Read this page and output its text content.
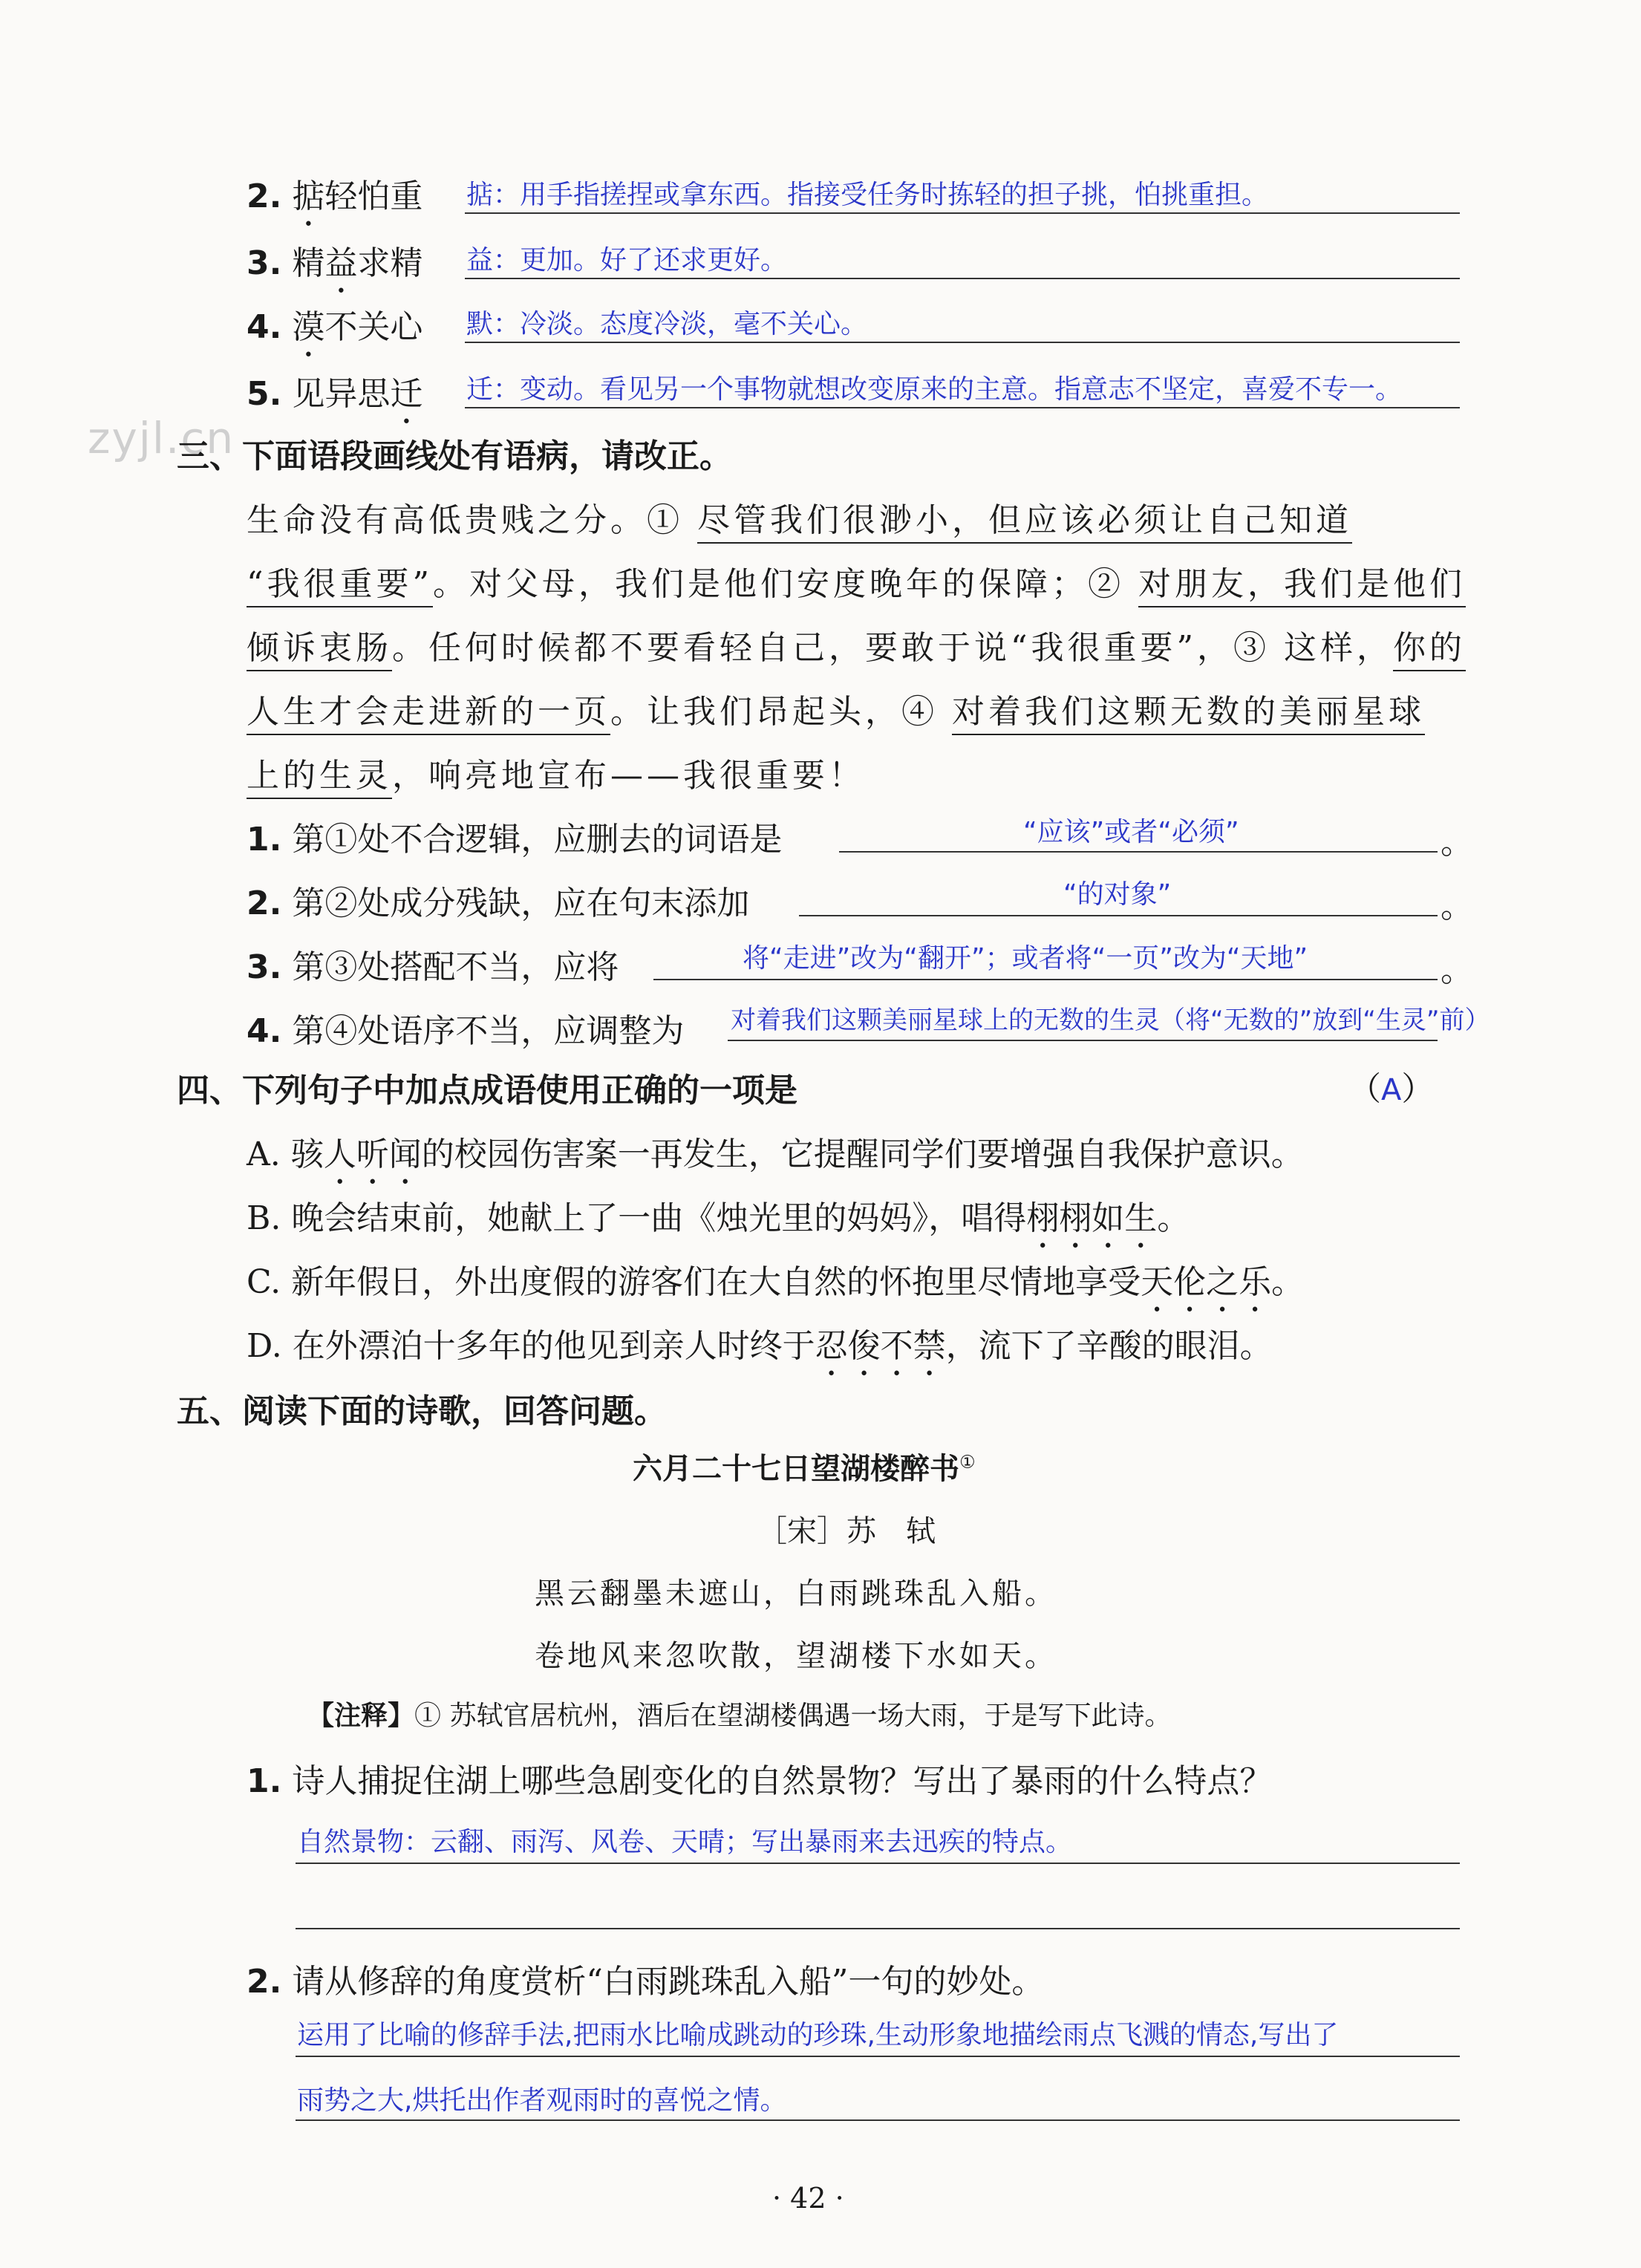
zyjl.cn
2. 掂轻怕重 掂：用手指搓捏或拿东西。指接受任务时拣轻的担子挑，怕挑重担。
3. 精益求精 益：更加。好了还求更好。
4. 漠不关心 默：冷淡。态度冷淡，毫不关心。
5. 见异思迁 迁：变动。看见另一个事物就想改变原来的主意。指意志不坚定，喜爱不专一。
三、下面语段画线处有语病，请改正。
生命没有高低贵贱之分。① 尽管我们很渺小，但应该必须让自己知道
“我很重要”。对父母，我们是他们安度晚年的保障；② 对朋友，我们是他们
倾诉衷肠。任何时候都不要看轻自己，要敢于说“我很重要”，③ 这样，你的
人生才会走进新的一页。让我们昂起头，④ 对着我们这颗无数的美丽星球
上的生灵，响亮地宣布——我很重要！
1. 第①处不合逻辑，应删去的词语是	“应该”或者“必须”	。
2. 第②处成分残缺，应在句末添加	“的对象”	。
3. 第③处搭配不当，应将	将“走进”改为“翻开”；或者将“一页”改为“天地”	。
4. 第④处语序不当，应调整为 对着我们这颗美丽星球上的无数的生灵（将“无数的”放到“生灵”前）
四、下列句子中加点成语使用正确的一项是	（A）
A. 骇人听闻的校园伤害案一再发生，它提醒同学们要增强自我保护意识。
B. 晚会结束前，她献上了一曲《烛光里的妈妈》，唱得栩栩如生。
C. 新年假日，外出度假的游客们在大自然的怀抱里尽情地享受天伦之乐。
D. 在外漂泊十多年的他见到亲人时终于忍俊不禁，流下了辛酸的眼泪。
五、阅读下面的诗歌，回答问题。
六月二十七日望湖楼醉书①
［宋］苏　轼
黑云翻墨未遮山，白雨跳珠乱入船。
卷地风来忽吹散，望湖楼下水如天。
【注释】① 苏轼官居杭州，酒后在望湖楼偶遇一场大雨，于是写下此诗。
1. 诗人捕捉住湖上哪些急剧变化的自然景物？写出了暴雨的什么特点？
自然景物：云翻、雨泻、风卷、天晴；写出暴雨来去迅疾的特点。
2. 请从修辞的角度赏析“白雨跳珠乱入船”一句的妙处。
运用了比喻的修辞手法,把雨水比喻成跳动的珍珠,生动形象地描绘雨点飞溅的情态,写出了
雨势之大,烘托出作者观雨时的喜悦之情。
· 42 ·
